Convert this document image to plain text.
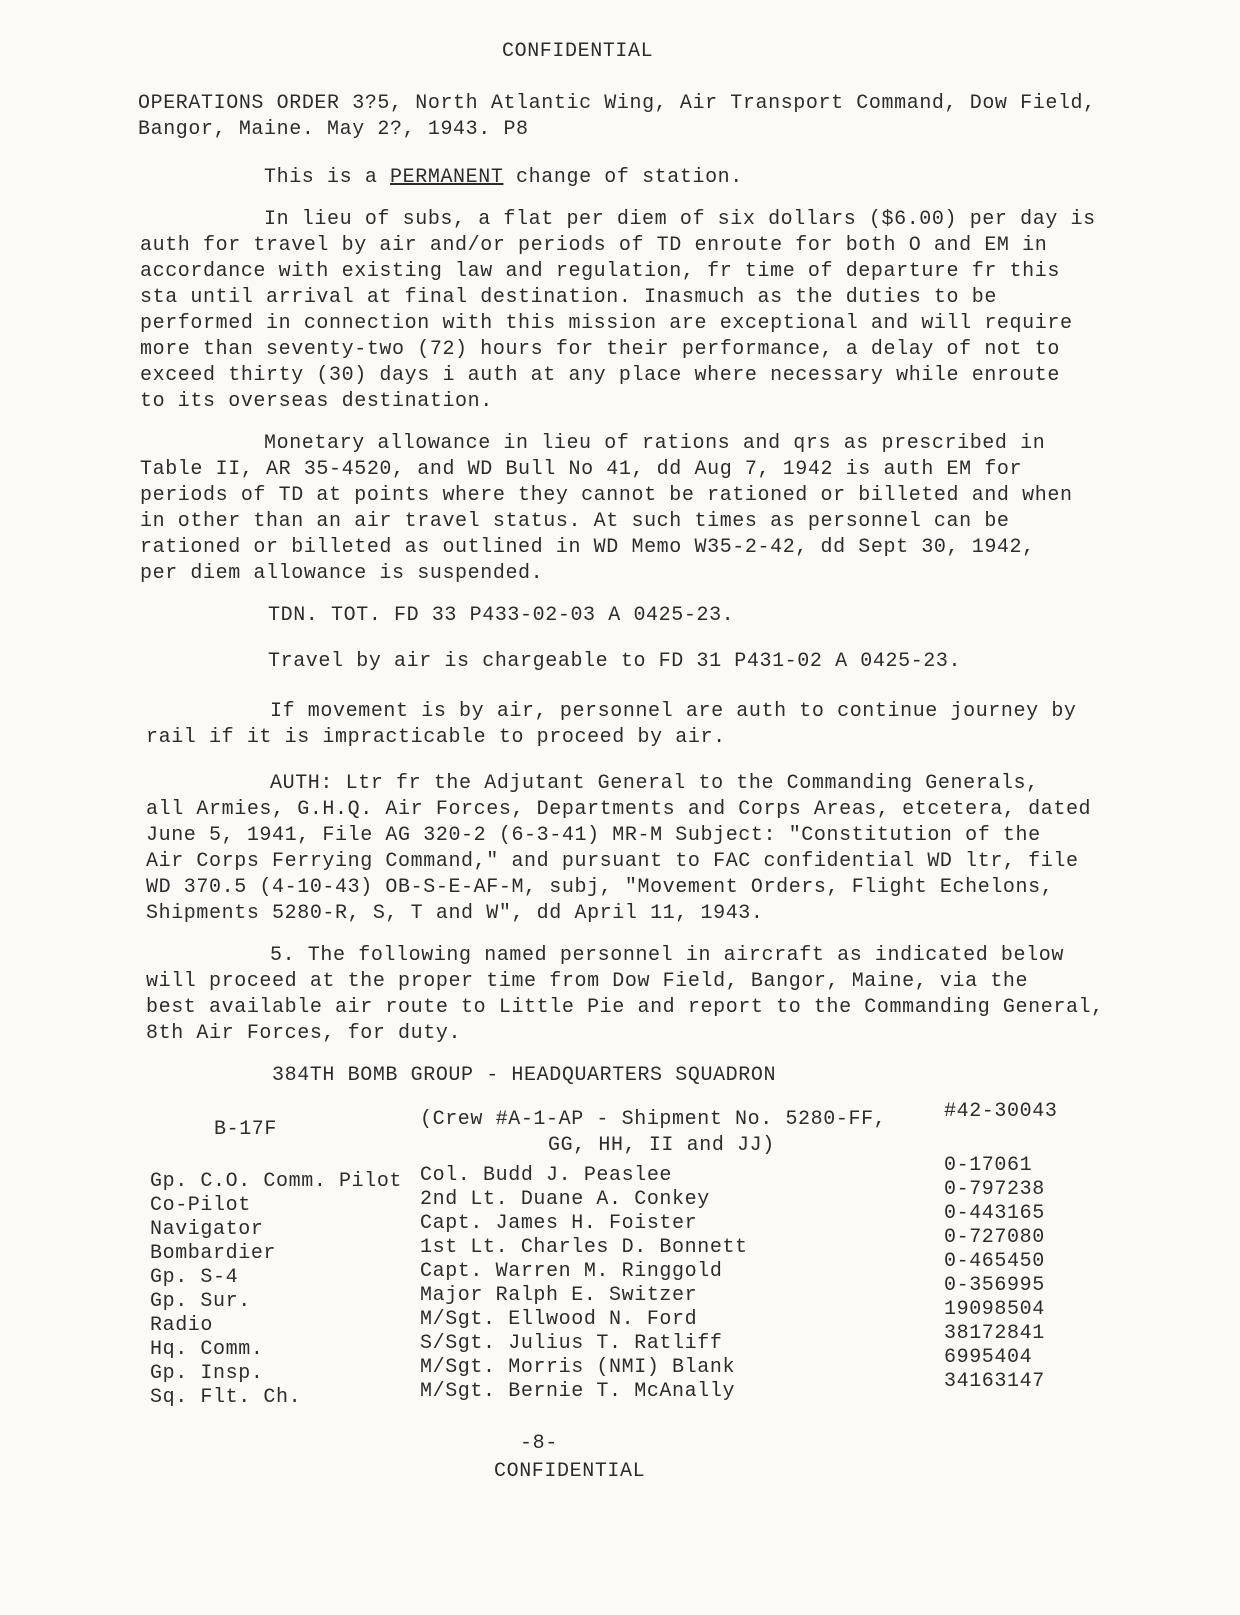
CONFIDENTIAL
OPERATIONS ORDER 3?5, North Atlantic Wing, Air Transport Command, Dow Field,
Bangor, Maine. May 2?, 1943. P8
This is a PERMANENT change of station.
In lieu of subs, a flat per diem of six dollars ($6.00) per day is
auth for travel by air and/or periods of TD enroute for both O and EM in
accordance with existing law and regulation, fr time of departure fr this
sta until arrival at final destination. Inasmuch as the duties to be
performed in connection with this mission are exceptional and will require
more than seventy-two (72) hours for their performance, a delay of not to
exceed thirty (30) days i auth at any place where necessary while enroute
to its overseas destination.
Monetary allowance in lieu of rations and qrs as prescribed in
Table II, AR 35-4520, and WD Bull No 41, dd Aug 7, 1942 is auth EM for
periods of TD at points where they cannot be rationed or billeted and when
in other than an air travel status. At such times as personnel can be
rationed or billeted as outlined in WD Memo W35-2-42, dd Sept 30, 1942,
per diem allowance is suspended.
TDN. TOT. FD 33 P433-02-03 A 0425-23.
Travel by air is chargeable to FD 31 P431-02 A 0425-23.
If movement is by air, personnel are auth to continue journey by
rail if it is impracticable to proceed by air.
AUTH: Ltr fr the Adjutant General to the Commanding Generals,
all Armies, G.H.Q. Air Forces, Departments and Corps Areas, etcetera, dated
June 5, 1941, File AG 320-2 (6-3-41) MR-M Subject: "Constitution of the
Air Corps Ferrying Command," and pursuant to FAC confidential WD ltr, file
WD 370.5 (4-10-43) OB-S-E-AF-M, subj, "Movement Orders, Flight Echelons,
Shipments 5280-R, S, T and W", dd April 11, 1943.
5. The following named personnel in aircraft as indicated below
will proceed at the proper time from Dow Field, Bangor, Maine, via the
best available air route to Little Pie and report to the Commanding General,
8th Air Forces, for duty.
384TH BOMB GROUP - HEADQUARTERS SQUADRON
B-17F	(Crew #A-1-AP - Shipment No. 5280-FF,
GG, HH, II and JJ)
#42-30043
Gp. C.O. Comm. Pilot Col. Budd J. Peaslee	0-17061
Co-Pilot	2nd Lt. Duane A. Conkey	0-797238
Navigator	Capt. James H. Foister	0-443165
Bombardier	1st Lt. Charles D. Bonnett	0-727080
Gp. S-4	Capt. Warren M. Ringgold	0-465450
Gp. Sur.	Major Ralph E. Switzer	0-356995
Radio	M/Sgt. Ellwood N. Ford	19098504
Hq. Comm.	S/Sgt. Julius T. Ratliff	38172841
Gp. Insp.	M/Sgt. Morris (NMI) Blank	6995404
Sq. Flt. Ch.	M/Sgt. Bernie T. McAnally	34163147
-8-
CONFIDENTIAL
